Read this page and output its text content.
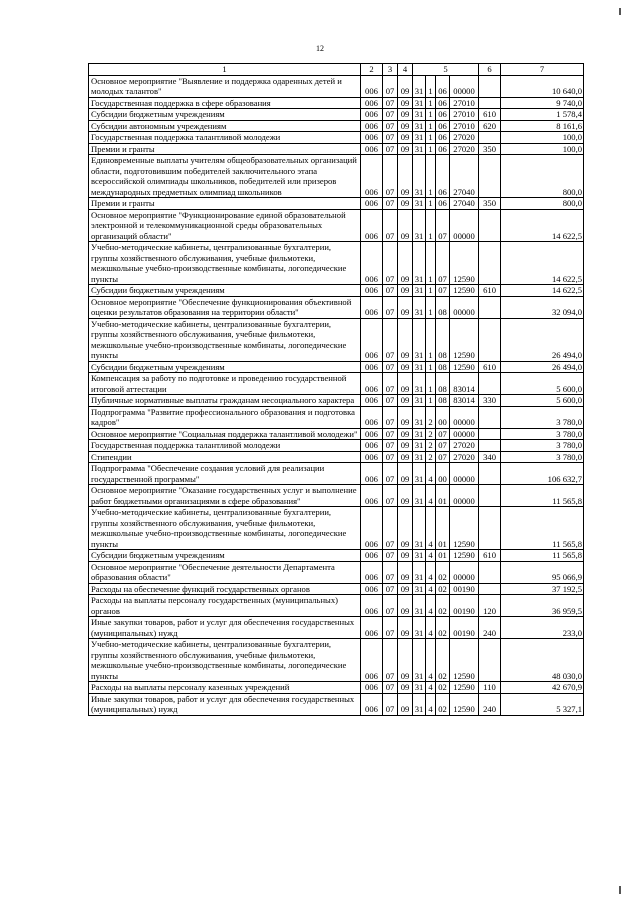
12
1	2	3	4	5				6	7
Основное мероприятие "Выявление и поддержка одаренных детей и молодых талантов"	006	07	09	31	1	06	00000		10 640,0
Государственная поддержка в сфере образования	006	07	09	31	1	06	27010		9 740,0
Субсидии бюджетным учреждениям	006	07	09	31	1	06	27010	610	1 578,4
Субсидии автономным учреждениям	006	07	09	31	1	06	27010	620	8 161,6
Государственная поддержка талантливой молодежи	006	07	09	31	1	06	27020		100,0
Премии и гранты	006	07	09	31	1	06	27020	350	100,0
Единовременные выплаты учителям общеобразовательных организаций области, подготовившим победителей заключительного этапа всероссийской олимпиады школьников, победителей или призеров международных предметных олимпиад школьников	006	07	09	31	1	06	27040		800,0
Премии и гранты	006	07	09	31	1	06	27040	350	800,0
Основное мероприятие "Функционирование единой образовательной электронной и телекоммуникационной среды образовательных организаций области"	006	07	09	31	1	07	00000		14 622,5
Учебно-методические кабинеты, централизованные бухгалтерии, группы хозяйственного обслуживания, учебные фильмотеки, межшкольные учебно-производственные комбинаты, логопедические пункты	006	07	09	31	1	07	12590		14 622,5
Субсидии бюджетным учреждениям	006	07	09	31	1	07	12590	610	14 622,5
Основное мероприятие "Обеспечение функционирования объективной оценки результатов образования на территории области"	006	07	09	31	1	08	00000		32 094,0
Учебно-методические кабинеты, централизованные бухгалтерии, группы хозяйственного обслуживания, учебные фильмотеки, межшкольные учебно-производственные комбинаты, логопедические пункты	006	07	09	31	1	08	12590		26 494,0
Субсидии бюджетным учреждениям	006	07	09	31	1	08	12590	610	26 494,0
Компенсация за работу по подготовке и проведению государственной итоговой аттестации	006	07	09	31	1	08	83014		5 600,0
Публичные нормативные выплаты гражданам несоциального характера	006	07	09	31	1	08	83014	330	5 600,0
Подпрограмма "Развитие профессионального образования и подготовка кадров"	006	07	09	31	2	00	00000		3 780,0
Основное мероприятие "Социальная поддержка талантливой молодежи"	006	07	09	31	2	07	00000		3 780,0
Государственная поддержка талантливой молодежи	006	07	09	31	2	07	27020		3 780,0
Стипендии	006	07	09	31	2	07	27020	340	3 780,0
Подпрограмма "Обеспечение создания условий для реализации государственной программы"	006	07	09	31	4	00	00000		106 632,7
Основное мероприятие "Оказание государственных услуг и выполнение работ бюджетными организациями в сфере образования"	006	07	09	31	4	01	00000		11 565,8
Учебно-методические кабинеты, централизованные бухгалтерии, группы хозяйственного обслуживания, учебные фильмотеки, межшкольные учебно-производственные комбинаты, логопедические пункты	006	07	09	31	4	01	12590		11 565,8
Субсидии бюджетным учреждениям	006	07	09	31	4	01	12590	610	11 565,8
Основное мероприятие "Обеспечение деятельности Департамента образования области"	006	07	09	31	4	02	00000		95 066,9
Расходы на обеспечение функций государственных органов	006	07	09	31	4	02	00190		37 192,5
Расходы на выплаты персоналу государственных (муниципальных) органов	006	07	09	31	4	02	00190	120	36 959,5
Иные закупки товаров, работ и услуг для обеспечения государственных (муниципальных) нужд	006	07	09	31	4	02	00190	240	233,0
Учебно-методические кабинеты, централизованные бухгалтерии, группы хозяйственного обслуживания, учебные фильмотеки, межшкольные учебно-производственные комбинаты, логопедические пункты	006	07	09	31	4	02	12590		48 030,0
Расходы на выплаты персоналу казенных учреждений	006	07	09	31	4	02	12590	110	42 670,9
Иные закупки товаров, работ и услуг для обеспечения государственных (муниципальных) нужд	006	07	09	31	4	02	12590	240	5 327,1
